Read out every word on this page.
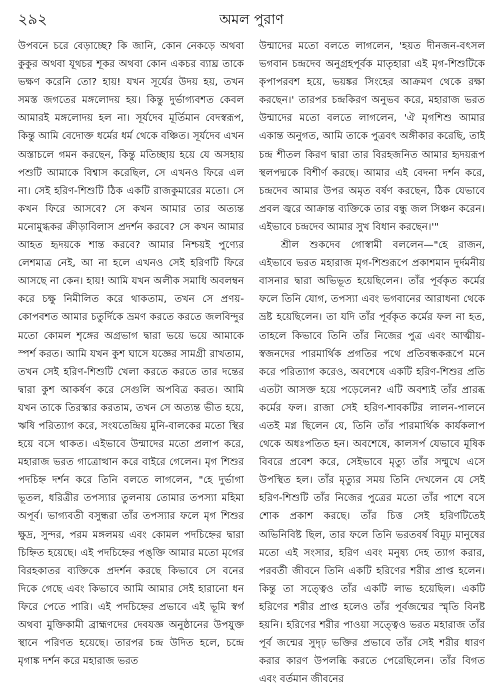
২৯২	অমল পুরাণ

উপবনে চরে বেড়াচ্ছে? কি জানি, কোন নেকড়ে অথবা কুকুর অথবা যূথচর শূকর অথবা কোন একচর ব্যাঘ্র তাকে ভক্ষণ করেনি তো? হায়! যখন সূর্যের উদয় হয়, তখন সমস্ত জগতের মঙ্গলোদয় হয়। কিন্তু দুর্ভাগ্যবশত কেবল আমারই মঙ্গলোদয় হল না। সূর্যদেব মূর্তিমান বেদস্বরূপ, কিন্তু আমি বেদোক্ত ধর্মের ধর্ম থেকে বঞ্চিত। সূর্যদেব এখন অস্তাচলে গমন করছেন, কিন্তু মতিচ্ছায় হয়ে যে অসহায় পশুটি আমাকে বিশ্বাস করেছিল, সে এখনও ফিরে এল না। সেই হরিণ-শিশুটি ঠিক একটি রাজকুমারের মতো। সে কখন ফিরে আসবে? সে কখন আমার তার অত্যন্ত মনোমুগ্ধকর ক্রীড়াবিলাস প্রদর্শন করবে? সে কখন আমার আহত হৃদয়কে শান্ত করবে? আমার নিশ্চয়ই পুণ্যের লেশমাত্র নেই, আ না হলে এখনও সেই হরিণটি ফিরে আসছে না কেন। হায়! আমি যখন অলীক সমাধি অবলম্বন করে চক্ষু নিমীলিত করে থাকতাম, তখন সে প্রণয়-কোপবশত আমার চতুর্দিকে ভ্রমণ করতে করতে জলবিন্দুর মতো কোমল শৃঙ্গের অগ্রভাগ দ্বারা ভয়ে ভয়ে আমাকে স্পর্শ করত। আমি যখন কুশ ঘাসে যজ্ঞের সামগ্রী রাখতাম, তখন সেই হরিণ-শিশুটি খেলা করতে করতে তার দন্তের দ্বারা কুশ আকর্ষণ করে সেগুলি অপবিত্র করত। আমি যখন তাকে তিরস্কার করতাম, তখন সে অত্যন্ত ভীত হয়ে, ঋষি পরিত্যাগ করে, সংযতেন্দ্রিয় মুনি-বালকের মতো স্থির হয়ে বসে থাকত। এইভাবে উন্মাদের মতো প্রলাপ করে, মহারাজ ভরত গাত্রোত্থান করে বাইরে গেলেন। মৃগ শিশুর পদচিহ্ন দর্শন করে তিনি বলতে লাগলেন, "হে দুর্ভাগা ভূতল, ধরিত্রীর তপস্যার তুলনায় তোমার তপস্যা মহিমা অপূর্ব। ভাগ্যবতী বসুন্ধরা তাঁর তপস্যার ফলে মৃগ শিশুর ক্ষুদ্র, সুন্দর, পরম মঙ্গলময় এবং কোমল পদচিহ্নের দ্বারা চিহ্নিত হয়েছে। এই পদচিহ্নের পঙ্‌ক্তি আমার মতো মৃগের বিরহকাতর ব্যক্তিকে প্রদর্শন করছে কিভাবে সে বনের দিকে গেছে এবং কিভাবে আমি আমার সেই হারানো ধন ফিরে পেতে পারি। এই পদচিহ্নের প্রভাবে এই ভূমি স্বর্গ অথবা মুক্তিকামী ব্রাহ্মণদের দেবযজ্ঞ অনুষ্ঠানের উপযুক্ত স্থানে পরিণত হয়েছে। তারপর চন্দ্র উদিত হলে, চন্দ্রে মৃগাঙ্ক দর্শন করে মহারাজ ভরত

উন্মাদের মতো বলতে লাগলেন, 'হয়ত দীনজন-বৎসল ভগবান চন্দ্রদেব অনুগ্রহপূর্বক মাতৃহারা এই মৃগ-শিশুটিকে কৃপাপরবশ হয়ে, ভয়ঙ্কর সিংহের আক্রমণ থেকে রক্ষা করছেন।' তারপর চন্দ্রকিরণ অনুভব করে, মহারাজ ভরত উন্মাদের মতো বলতে লাগলেন, 'ঐ মৃগশিশু আমার একান্ত অনুগত, আমি তাকে পুত্রবৎ অঙ্গীকার করেছি, তাই চন্দ্র শীতল কিরণ দ্বারা তার বিরহজনিত আমার হৃদয়রূপ স্থলপদ্মকে বিশীর্ণ করছে। আমার এই বেদনা দর্শন করে, চন্দ্রদেব আমার উপর অমৃত বর্ষণ করছেন, ঠিক যেভাবে প্রবল জ্বরে আক্রান্ত ব্যক্তিকে তার বন্ধু জল সিঞ্চন করেন। এইভাবে চন্দ্রদেব আমার সুখ বিধান করছেন।'"

শ্রীল শুকদেব গোস্বামী বললেন—"হে রাজন, এইভাবে ভরত মহারাজ মৃগ-শিশুরূপে প্রকাশমান দুর্দমনীয় বাসনার দ্বারা অভিভূত হয়েছিলেন। তাঁর পূর্বকৃত কর্মের ফলে তিনি যোগ, তপস্যা এবং ভগবানের আরাধনা থেকে ভ্রষ্ট হয়েছিলেন। তা যদি তাঁর পূর্বকৃত কর্মের ফল না হত, তাহলে কিভাবে তিনি তাঁর নিজের পুত্র এবং আত্মীয়-স্বজনদের পারমার্থিক প্রগতির পথে প্রতিবন্ধকরূপে মনে করে পরিত্যাগ করেও, অবশেষে একটি হরিণ-শিশুর প্রতি এতটা আসক্ত হয়ে পড়েলেন? এটি অবশ্যই তাঁর প্রারব্ধ কর্মের ফল। রাজা সেই হরিণ-শাবকটির লালন-পালনে এতই মগ্ন ছিলেন যে, তিনি তাঁর পারমার্থিক কার্যকলাপ থেকে অধঃপতিত হন। অবশেষে, কালসর্প যেভাবে মূষিক বিবরে প্রবেশ করে, সেইভাবে মৃত্যু তাঁর সম্মুখে এসে উপস্থিত হল। তাঁর মৃত্যুর সময় তিনি দেখলেন যে সেই হরিণ-শিশুটি তাঁর নিজের পুত্রের মতো তাঁর পাশে বসে শোক প্রকাশ করছে। তাঁর চিত্ত সেই হরিণটিতেই অভিনিবিষ্ট ছিল, তার ফলে তিনি ভরতবর্ষ বিমূঢ় মানুষের মতো এই সংসার, হরিণ এবং মনুষ্য দেহ ত্যাগ করার, পরবর্তী জীবনে তিনি একটি হরিণের শরীর প্রাপ্ত হলেন। কিন্তু তা সত্ত্বেও তাঁর একটি লাভ হয়েছিল। একটি হরিণের শরীর প্রাপ্ত হলেও তাঁর পূর্বজন্মের স্মৃতি বিনষ্ট হয়নি। হরিণের শরীর পাওয়া সত্ত্বেও ভরত মহারাজ তাঁর পূর্ব জন্মের সুদৃঢ় ভক্তির প্রভাবে তাঁর সেই শরীর ধারণ করার কারণ উপলব্ধি করতে পেরেছিলেন। তাঁর বিগত এবং বর্তমান জীবনের
